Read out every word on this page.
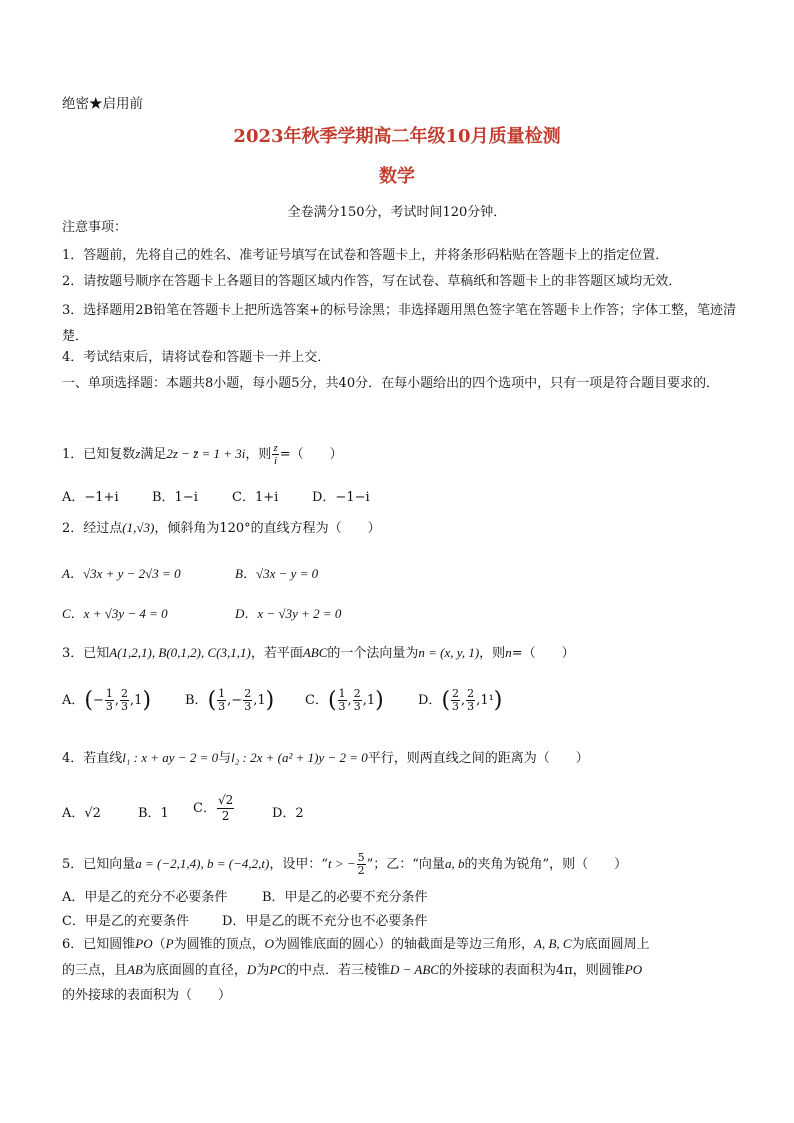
绝密★启用前
2023年秋季学期高二年级10月质量检测
数学
全卷满分150分，考试时间120分钟．
注意事项：
1．答题前，先将自己的姓名、准考证号填写在试卷和答题卡上，并将条形码粘贴在答题卡上的指定位置．
2．请按题号顺序在答题卡上各题目的答题区域内作答，写在试卷、草稿纸和答题卡上的非答题区域均无效．
3．选择题用2B铅笔在答题卡上把所选答案+的标号涂黑；非选择题用黑色签字笔在答题卡上作答；字体工整，笔迹清楚．
4．考试结束后，请将试卷和答题卡一并上交．
一、单项选择题：本题共8小题，每小题5分，共40分．在每小题给出的四个选项中，只有一项是符合题目要求的．
1．已知复数z满足2z − z̄ = 1 + 3i，则 $\frac{z}{i}$ =（　　）
A．−1+i	B．1−i	C．1+i	D．−1−i
2．经过点(1,√3)，倾斜角为120°的直线方程为（　　）
A．√3x + y − 2√3 = 0	B．√3x − y = 0
C．x + √3y − 4 = 0	D．x − √3y + 2 = 0
3．已知A(1,2,1), B(0,1,2), C(3,1,1)，若平面ABC的一个法向量为n = (x, y, 1)，则n=（　　）
A．(− $\frac{1}{3}$ , $\frac{2}{3} ,1$)	B．( $\frac{1}{3}$ ,− $\frac{2}{3} ,1$) C．( $\frac{1}{3}$ , $\frac{2}{3} ,1$)	D．( $\frac{2}{3}$ , $\frac{2}{3} ,1^1$)
4．若直线l₁ : x + ay − 2 = 0与l₂ : 2x + (a² + 1)y − 2 = 0平行，则两直线之间的距离为（　　）
A．√2	B．1 C． $\frac{√2}{2}$	D．2
5．已知向量a = (−2,1,4), b = (−4,2,t)，设甲：“t > − $\frac{5}{2}$ ”；乙：“向量a, b的夹角为锐角”，则（　　）
A．甲是乙的充分不必要条件	B．甲是乙的必要不充分条件
C．甲是乙的充要条件	D．甲是乙的既不充分也不必要条件
6．已知圆锥PO（P为圆锥的顶点，O为圆锥底面的圆心）的轴截面是等边三角形，A, B, C为底面圆周上
的三点，且AB为底面圆的直径，D为PC的中点．若三棱锥D − ABC的外接球的表面积为4π，则圆锥PO
的外接球的表面积为（　　）
